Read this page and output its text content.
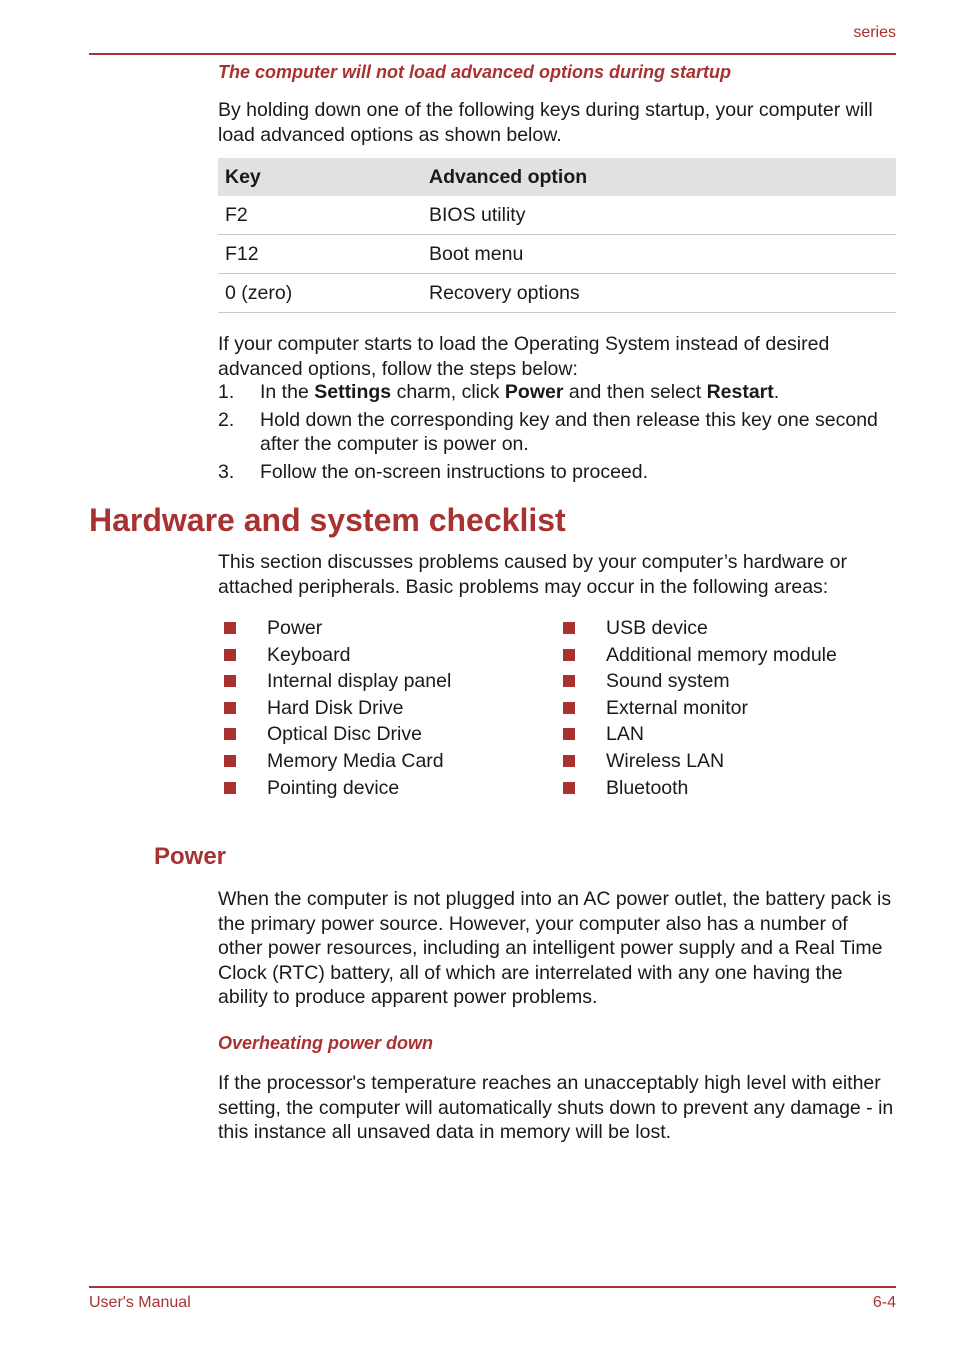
series
The computer will not load advanced options during startup
By holding down one of the following keys during startup, your computer will load advanced options as shown below.
Key	Advanced option
F2	BIOS utility
F12	Boot menu
0 (zero)	Recovery options
If your computer starts to load the Operating System instead of desired advanced options, follow the steps below:
1. In the Settings charm, click Power and then select Restart.
2. Hold down the corresponding key and then release this key one second after the computer is power on.
3. Follow the on-screen instructions to proceed.
Hardware and system checklist
This section discusses problems caused by your computer’s hardware or attached peripherals. Basic problems may occur in the following areas:
Power
Keyboard
Internal display panel
Hard Disk Drive
Optical Disc Drive
Memory Media Card
Pointing device
USB device
Additional memory module
Sound system
External monitor
LAN
Wireless LAN
Bluetooth
Power
When the computer is not plugged into an AC power outlet, the battery pack is the primary power source. However, your computer also has a number of other power resources, including an intelligent power supply and a Real Time Clock (RTC) battery, all of which are interrelated with any one having the ability to produce apparent power problems.
Overheating power down
If the processor's temperature reaches an unacceptably high level with either setting, the computer will automatically shuts down to prevent any damage - in this instance all unsaved data in memory will be lost.
User's Manual	6-4
